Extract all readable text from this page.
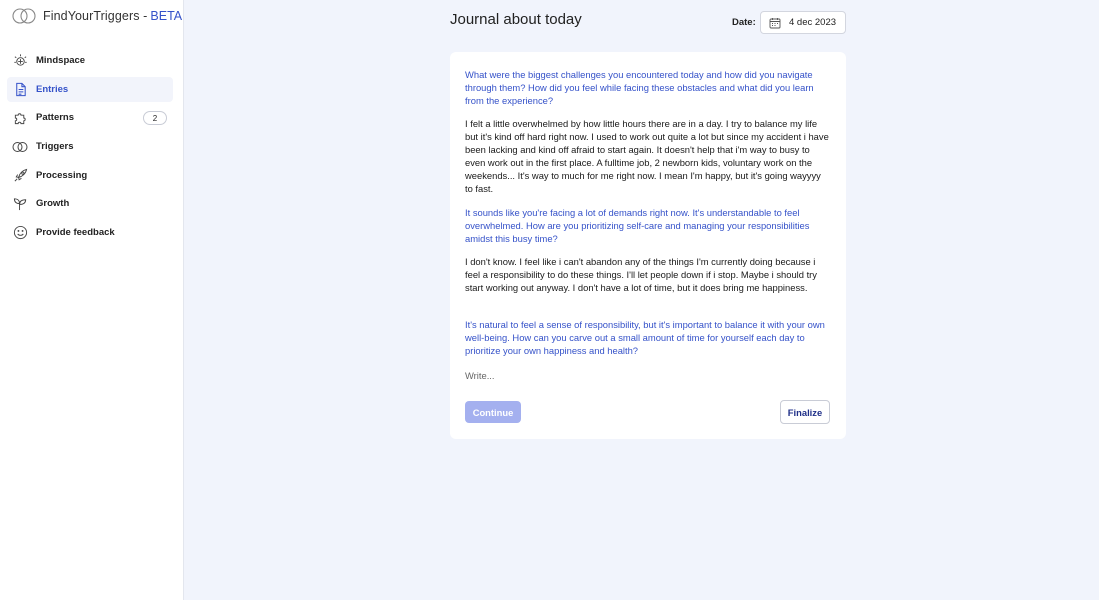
FindYourTriggers - BETA
Mindspace
Entries
Patterns	2
Triggers
Processing
Growth
Provide feedback
Journal about today	Date:	4 dec 2023

What were the biggest challenges you encountered today and how did you navigate through them? How did you feel while facing these obstacles and what did you learn from the experience?

I felt a little overwhelmed by how little hours there are in a day. I try to balance my life but it's kind off hard right now. I used to work out quite a lot but since my accident i have been lacking and kind off afraid to start again. It doesn't help that i'm way to busy to even work out in the first place. A fulltime job, 2 newborn kids, voluntary work on the weekends... It's way to much for me right now. I mean I'm happy, but it's going wayyyy to fast.

It sounds like you're facing a lot of demands right now. It's understandable to feel overwhelmed. How are you prioritizing self-care and managing your responsibilities amidst this busy time?

I don't know. I feel like i can't abandon any of the things I'm currently doing because i feel a responsibility to do these things. I'll let people down if i stop. Maybe i should try start working out anyway. I don't have a lot of time, but it does bring me happiness.

It's natural to feel a sense of responsibility, but it's important to balance it with your own well-being. How can you carve out a small amount of time for yourself each day to prioritize your own happiness and health?

Write...
Continue	Finalize
